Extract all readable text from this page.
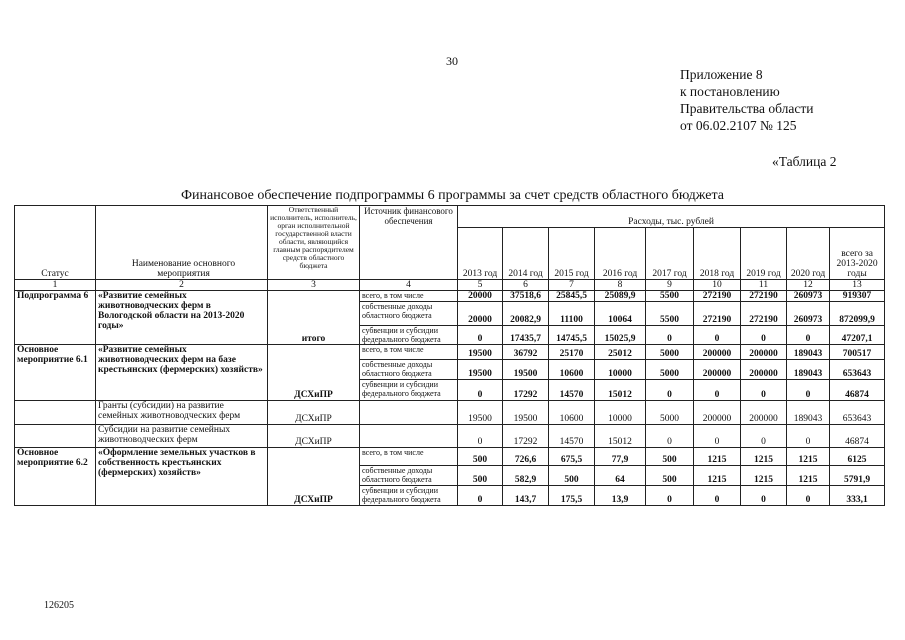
30
Приложение 8
к постановлению
Правительства области
от 06.02.2107 № 125
«Таблица 2
Финансовое обеспечение подпрограммы 6 программы за счет средств областного бюджета
Статус	Наименование основного мероприятия	Ответственный исполнитель, исполнитель, орган исполнительной государственной власти области, являющийся главным распорядителем средств областного бюджета	Источник финансового обеспечения	Расходы, тыс. рублей								
				2013 год	2014 год	2015 год	2016 год	2017 год	2018 год	2019 год	2020 год	всего за 2013-2020 годы
1	2	3	4	5	6	7	8	9	10	11	12	13
Подпрограмма 6	«Развитие семейных животноводческих ферм в Вологодской области на 2013-2020 годы»	итого	всего, в том числе	20000	37518,6	25845,5	25089,9	5500	272190	272190	260973	919307
			собственные доходы областного бюджета	20000	20082,9	11100	10064	5500	272190	272190	260973	872099,9
			субвенции и субсидии федерального бюджета	0	17435,7	14745,5	15025,9	0	0	0	0	47207,1
Основное мероприятие 6.1	«Развитие семейных животноводческих ферм на базе крестьянских (фермерских) хозяйств»	ДСХиПР	всего, в том числе	19500	36792	25170	25012	5000	200000	200000	189043	700517
			собственные доходы областного бюджета	19500	19500	10600	10000	5000	200000	200000	189043	653643
			субвенции и субсидии федерального бюджета	0	17292	14570	15012	0	0	0	0	46874
	Гранты (субсидии) на развитие семейных животноводческих ферм	ДСХиПР		19500	19500	10600	10000	5000	200000	200000	189043	653643
	Субсидии на развитие семейных животноводческих ферм	ДСХиПР		0	17292	14570	15012	0	0	0	0	46874
Основное мероприятие 6.2	«Оформление земельных участков в собственность крестьянских (фермерских) хозяйств»	ДСХиПР	всего, в том числе	500	726,6	675,5	77,9	500	1215	1215	1215	6125
			собственные доходы областного бюджета	500	582,9	500	64	500	1215	1215	1215	5791,9
			субвенции и субсидии федерального бюджета	0	143,7	175,5	13,9	0	0	0	0	333,1
126205
